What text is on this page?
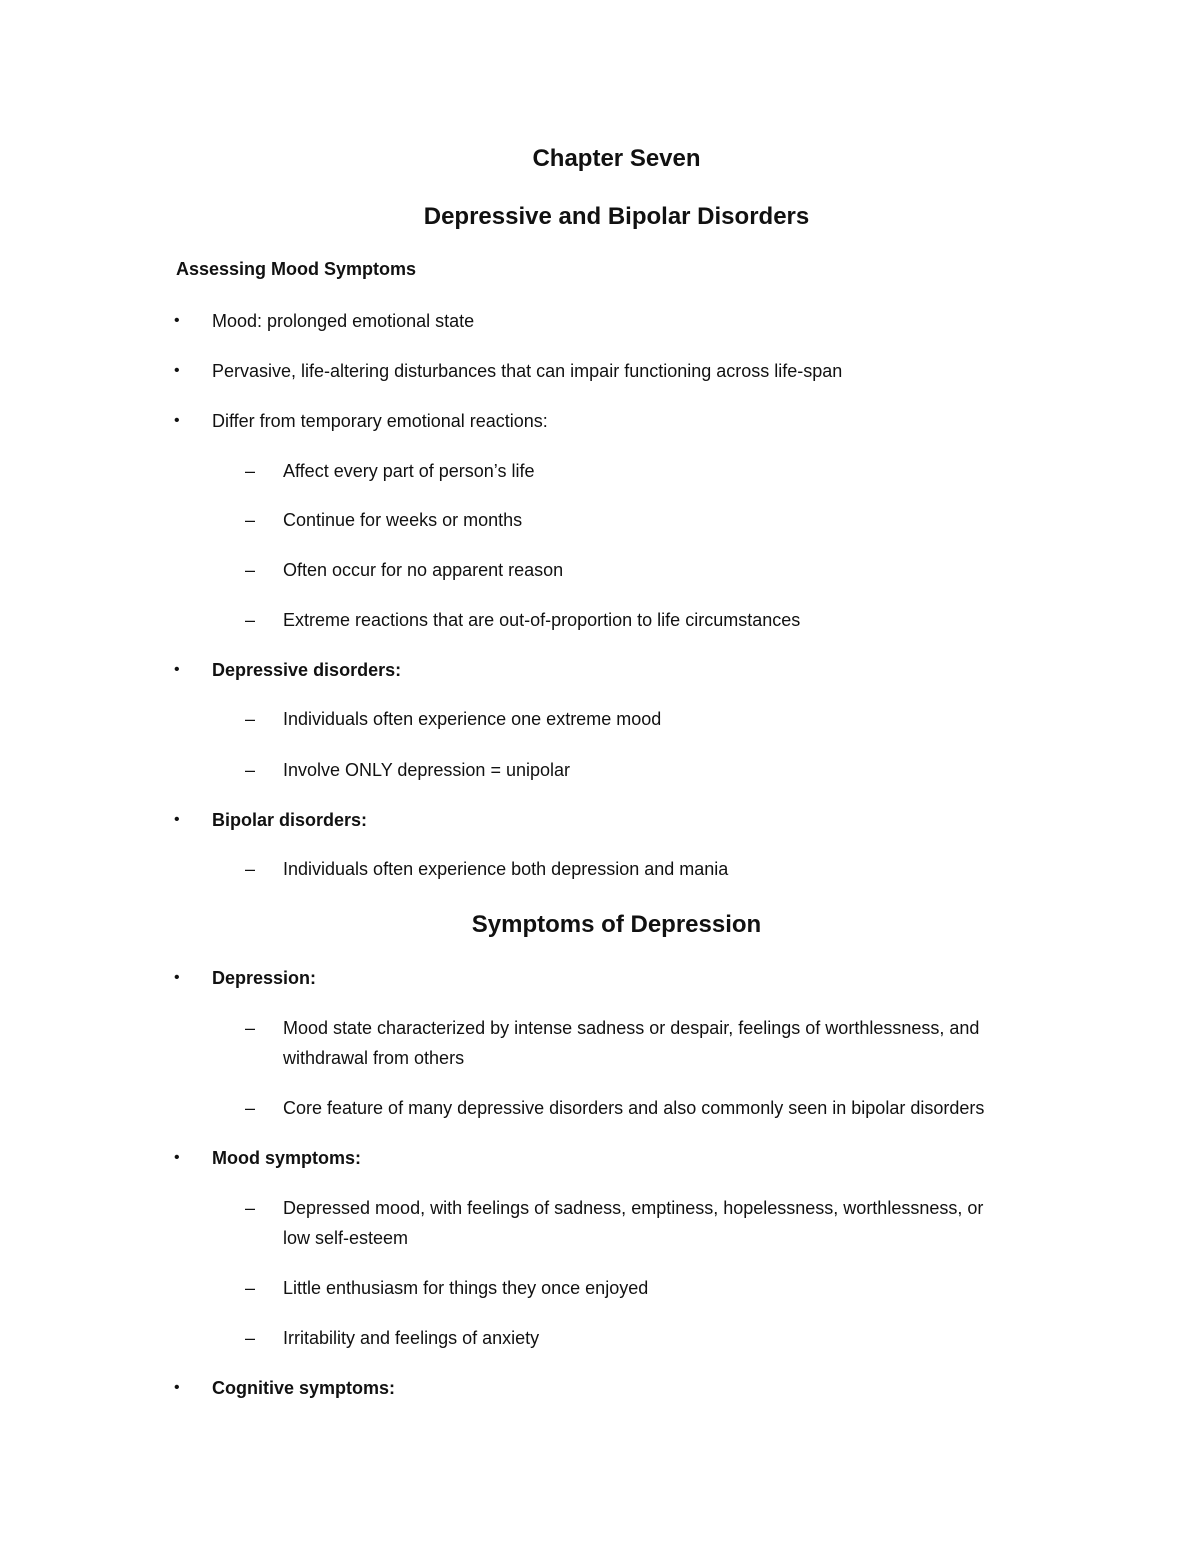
Chapter Seven
Depressive and Bipolar Disorders
Assessing Mood Symptoms
• Mood: prolonged emotional state
• Pervasive, life-altering disturbances that can impair functioning across life-span
• Differ from temporary emotional reactions:
– Affect every part of person’s life
– Continue for weeks or months
– Often occur for no apparent reason
– Extreme reactions that are out-of-proportion to life circumstances
• Depressive disorders:
– Individuals often experience one extreme mood
– Involve ONLY depression = unipolar
• Bipolar disorders:
– Individuals often experience both depression and mania
Symptoms of Depression
• Depression:
– Mood state characterized by intense sadness or despair, feelings of worthlessness, and
withdrawal from others
– Core feature of many depressive disorders and also commonly seen in bipolar disorders
• Mood symptoms:
– Depressed mood, with feelings of sadness, emptiness, hopelessness, worthlessness, or
low self-esteem
– Little enthusiasm for things they once enjoyed
– Irritability and feelings of anxiety
• Cognitive symptoms:
